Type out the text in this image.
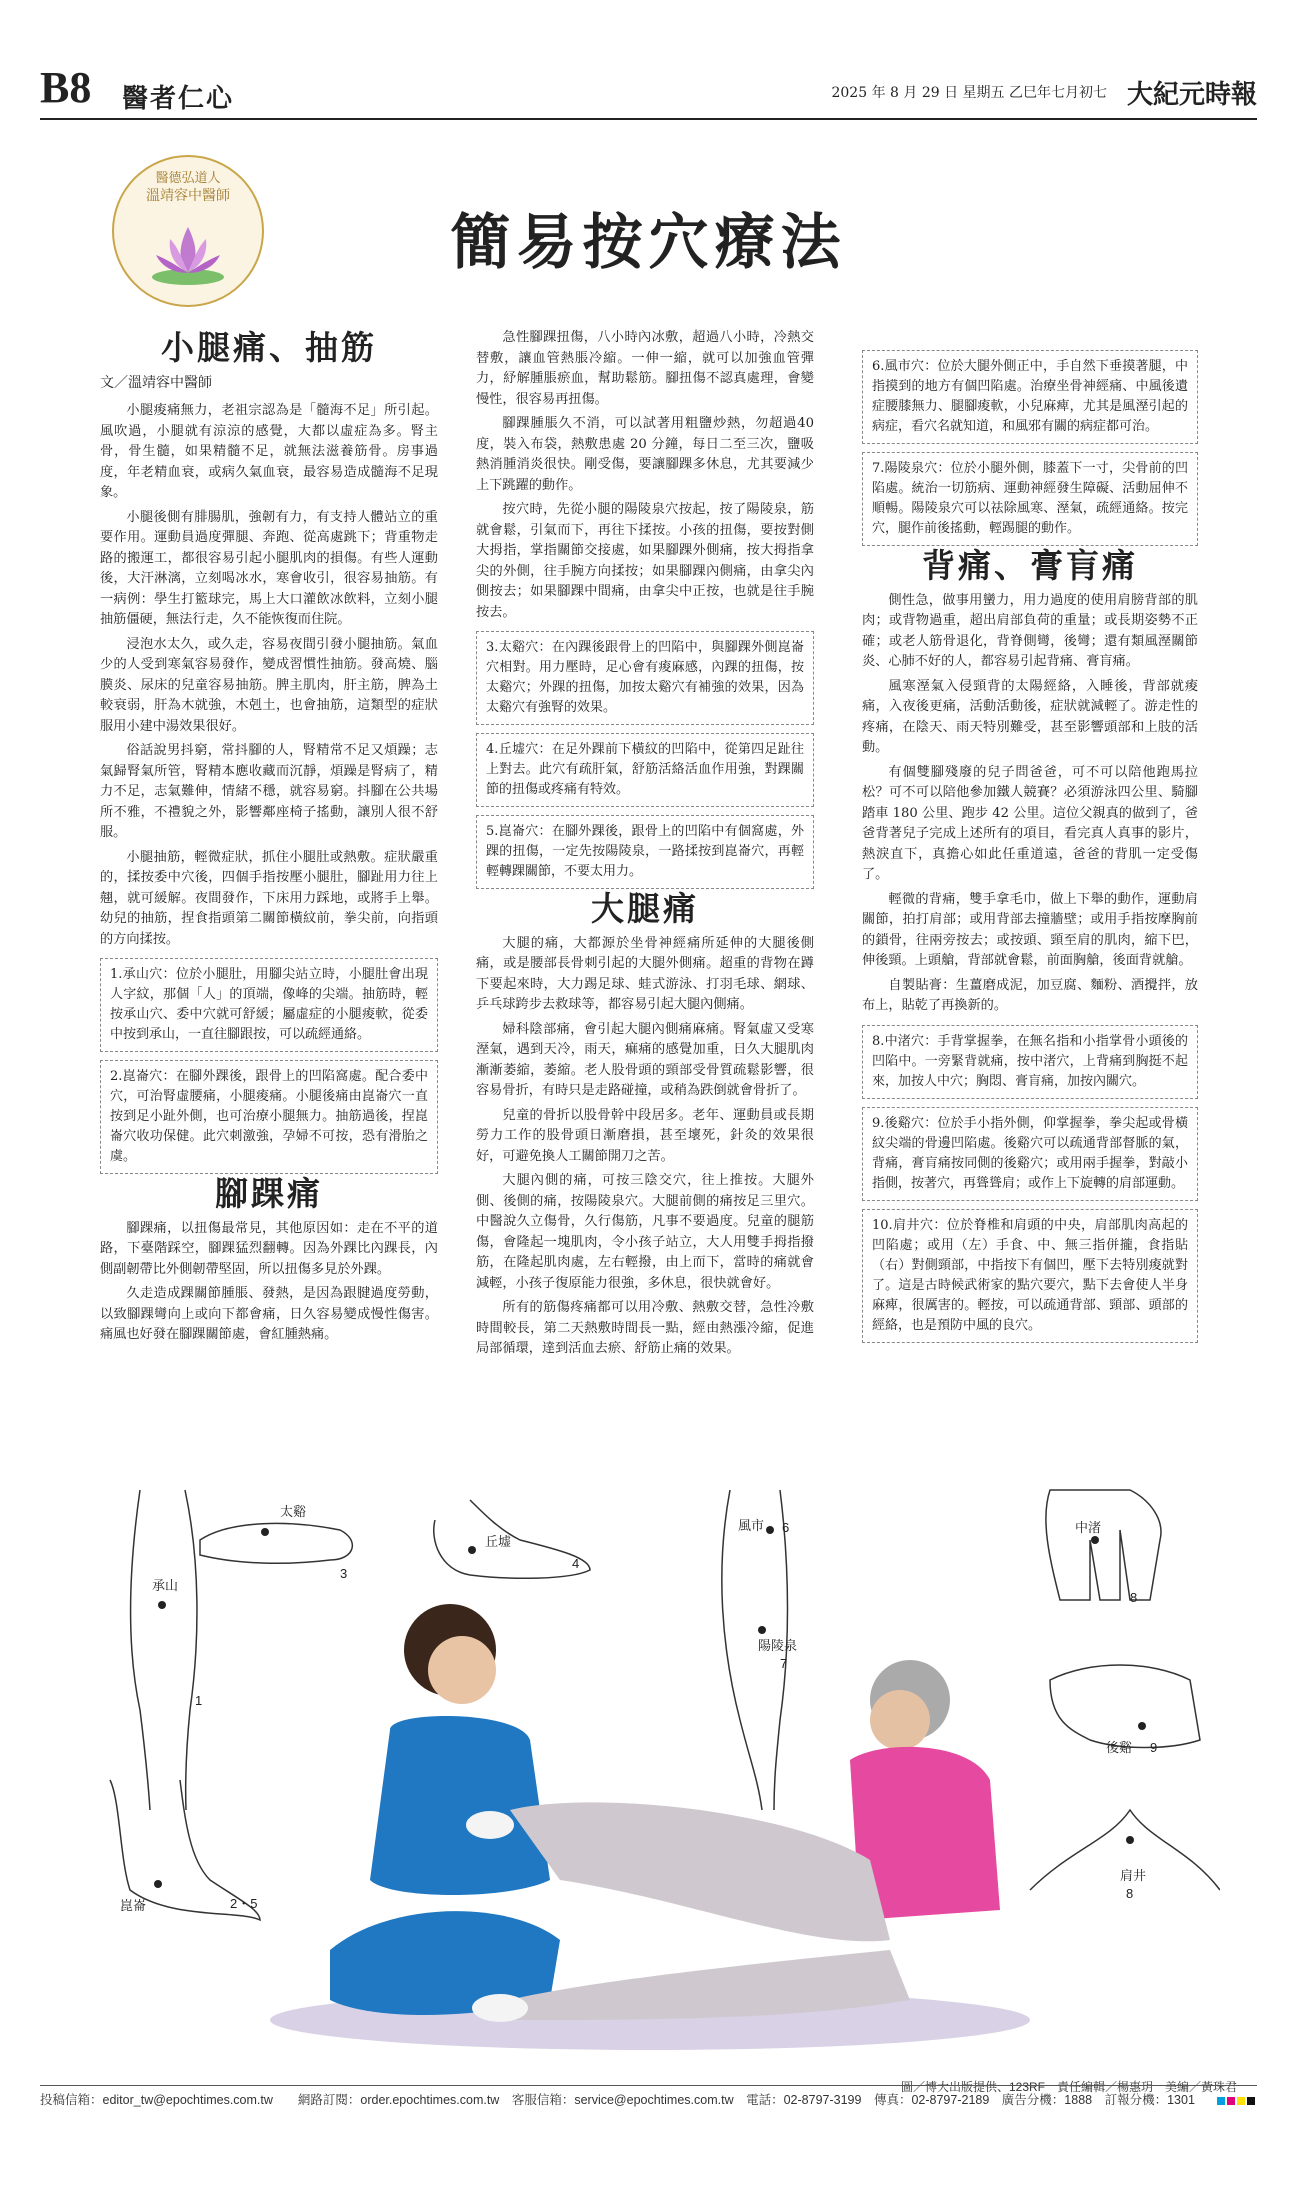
B8 醫者仁心	2025 年 8 月 29 日 星期五 乙巳年七月初七 大紀元時報
醫德弘道人
溫靖容中醫師
簡易按穴療法
小腿痛、抽筋
文／溫靖容中醫師

小腿痠痛無力，老祖宗認為是「髓海不足」所引起。風吹過，小腿就有涼涼的感覺，大都以虛症為多。腎主骨，骨生髓，如果精髓不足，就無法滋養筋骨。房事過度，年老精血衰，或病久氣血衰，最容易造成髓海不足現象。

小腿後側有腓腸肌，強韌有力，有支持人體站立的重要作用。運動員過度彈腿、奔跑、從高處跳下；背重物走路的搬運工，都很容易引起小腿肌肉的損傷。有些人運動後，大汗淋漓，立刻喝冰水，寒會收引，很容易抽筋。有一病例：學生打籃球完，馬上大口灌飲冰飲料，立刻小腿抽筋僵硬，無法行走，久不能恢復而住院。

浸泡水太久，或久走，容易夜間引發小腿抽筋。氣血少的人受到寒氣容易發作，變成習慣性抽筋。發高燒、腦膜炎、尿床的兒童容易抽筋。脾主肌肉，肝主筋，脾為土較衰弱，肝為木就強，木剋土，也會抽筋，這類型的症狀服用小建中湯效果很好。

俗話說男抖窮，常抖腳的人，腎精常不足又煩躁；志氣歸腎氣所管，腎精本應收藏而沉靜，煩躁是腎病了，精力不足，志氣難伸，情緒不穩，就容易窮。抖腳在公共場所不雅，不禮貌之外，影響鄰座椅子搖動，讓別人很不舒服。

小腿抽筋，輕微症狀，抓住小腿肚或熱敷。症狀嚴重的，揉按委中穴後，四個手指按壓小腿肚，腳趾用力往上翹，就可緩解。夜間發作，下床用力踩地，或將手上舉。幼兒的抽筋，捏食指頭第二關節橫紋前，拳尖前，向指頭的方向揉按。

1.承山穴：位於小腿肚，用腳尖站立時，小腿肚會出現人字紋，那個「人」的頂端，像峰的尖端。抽筋時，輕按承山穴、委中穴就可舒緩；屬虛症的小腿痠軟，從委中按到承山，一直往腳跟按，可以疏經通絡。
2.崑崙穴：在腳外踝後，跟骨上的凹陷窩處。配合委中穴，可治腎虛腰痛，小腿痠痛。小腿後痛由崑崙穴一直按到足小趾外側，也可治療小腿無力。抽筋過後，捏崑崙穴收功保健。此穴刺激強，孕婦不可按，恐有滑胎之虞。
腳踝痛

腳踝痛，以扭傷最常見，其他原因如：走在不平的道路，下臺階踩空，腳踝猛烈翻轉。因為外踝比內踝長，內側副韌帶比外側韌帶堅固，所以扭傷多見於外踝。

久走造成踝關節腫脹、發熱，是因為跟腱過度勞動，以致腳踝彎向上或向下都會痛，日久容易變成慢性傷害。痛風也好發在腳踝關節處，會紅腫熱痛。

急性腳踝扭傷，八小時內冰敷，超過八小時，冷熱交替敷，讓血管熱脹冷縮。一伸一縮，就可以加強血管彈力，紓解腫脹瘀血，幫助鬆筋。腳扭傷不認真處理，會變慢性，很容易再扭傷。

腳踝腫脹久不消，可以試著用粗鹽炒熱，勿超過40度，裝入布袋，熱敷患處 20 分鐘，每日二至三次，鹽吸熱消腫消炎很快。剛受傷，要讓腳踝多休息，尤其要減少上下跳躍的動作。

按穴時，先從小腿的陽陵泉穴按起，按了陽陵泉，筋就會鬆，引氣而下，再往下揉按。小孩的扭傷，要按對側大拇指，掌指關節交接處，如果腳踝外側痛，按大拇指拿尖的外側，往手腕方向揉按；如果腳踝內側痛，由拿尖內側按去；如果腳踝中間痛，由拿尖中正按，也就是往手腕按去。

3.太谿穴：在內踝後跟骨上的凹陷中，與腳踝外側崑崙穴相對。用力壓時，足心會有痠麻感，內踝的扭傷，按太谿穴；外踝的扭傷，加按太谿穴有補強的效果，因為太谿穴有強腎的效果。
4.丘墟穴：在足外踝前下橫紋的凹陷中，從第四足趾往上對去。此穴有疏肝氣，舒筋活絡活血作用強，對踝關節的扭傷或疼痛有特效。
5.崑崙穴：在腳外踝後，跟骨上的凹陷中有個窩處，外踝的扭傷，一定先按陽陵泉，一路揉按到崑崙穴，再輕輕轉踝關節，不要太用力。
大腿痛

大腿的痛，大都源於坐骨神經痛所延伸的大腿後側痛，或是腰部長骨刺引起的大腿外側痛。超重的背物在蹲下要起來時，大力踢足球、蛙式游泳、打羽毛球、網球、乒乓球跨步去救球等，都容易引起大腿內側痛。

婦科陰部痛，會引起大腿內側痛麻痛。腎氣虛又受寒溼氣，遇到天冷，雨天，痲痛的感覺加重，日久大腿肌肉漸漸萎縮，萎縮。老人股骨頭的頸部受骨質疏鬆影響，很容易骨折，有時只是走路碰撞，或稍為跌倒就會骨折了。

兒童的骨折以股骨幹中段居多。老年、運動員或長期勞力工作的股骨頭日漸磨損，甚至壞死，針灸的效果很好，可避免換人工關節開刀之苦。

大腿內側的痛，可按三陰交穴，往上推按。大腿外側、後側的痛，按陽陵泉穴。大腿前側的痛按足三里穴。中醫說久立傷骨，久行傷筋，凡事不要過度。兒童的腿筋傷，會隆起一塊肌肉，令小孩子站立，大人用雙手拇指撥筋，在隆起肌肉處，左右輕撥，由上而下，當時的痛就會減輕，小孩子復原能力很強，多休息，很快就會好。

所有的筋傷疼痛都可以用冷敷、熱敷交替，急性冷敷時間較長，第二天熱敷時間長一點，經由熱漲冷縮，促進局部循環，達到活血去瘀、舒筋止痛的效果。

6.風市穴：位於大腿外側正中，手自然下垂摸著腿，中指摸到的地方有個凹陷處。治療坐骨神經痛、中風後遺症腰膝無力、腿腳痠軟，小兒麻痺，尤其是風溼引起的病症，看穴名就知道，和風邪有關的病症都可治。
7.陽陵泉穴：位於小腿外側，膝蓋下一寸，尖骨前的凹陷處。統治一切筋病、運動神經發生障礙、活動屈伸不順暢。陽陵泉穴可以祛除風寒、溼氣，疏經通絡。按完穴，腿作前後搖動，輕踢腿的動作。
背痛、膏肓痛

側性急，做事用蠻力，用力過度的使用肩膀背部的肌肉；或背物過重，超出肩部負荷的重量；或長期姿勢不正確；或老人筋骨退化，背脊側彎，後彎；還有類風溼關節炎、心肺不好的人，都容易引起背痛、膏肓痛。

風寒溼氣入侵頸背的太陽經絡，入睡後，背部就痠痛，入夜後更痛，活動活動後，症狀就減輕了。游走性的疼痛，在陰天、雨天特別難受，甚至影響頭部和上肢的活動。

有個雙腳殘廢的兒子問爸爸，可不可以陪他跑馬拉松？可不可以陪他參加鐵人競賽？必須游泳四公里、騎腳踏車 180 公里、跑步 42 公里。這位父親真的做到了，爸爸背著兒子完成上述所有的項目，看完真人真事的影片，熱淚直下，真擔心如此任重道遠，爸爸的背肌一定受傷了。

輕微的背痛，雙手拿毛巾，做上下舉的動作，運動肩關節，拍打肩部；或用背部去撞牆壁；或用手指按摩胸前的鎖骨，往兩旁按去；或按頭、頸至肩的肌肉，縮下巴，伸後頸。上頭艙，背部就會鬆，前面胸艙，後面背就艙。

自製貼膏：生薑磨成泥，加豆腐、麵粉、酒攪拌，放布上，貼乾了再換新的。

8.中渚穴：手背掌握拳，在無名指和小指掌骨小頭後的凹陷中。一旁緊背就痛，按中渚穴，上背痛到胸挺不起來，加按人中穴；胸悶、膏肓痛，加按內關穴。
9.後谿穴：位於手小指外側，仰掌握拳，拳尖起或骨橫紋尖端的骨邊凹陷處。後谿穴可以疏通背部督脈的氣，背痛，膏肓痛按同側的後谿穴；或用兩手握拳，對敲小指側，按著穴，再聳聳肩；或作上下旋轉的肩部運動。
10.肩井穴：位於脊椎和肩頭的中央，肩部肌肉高起的凹陷處；或用（左）手食、中、無三指併攏，食指貼（右）對側頸部，中指按下有個凹，壓下去特別痠就對了。這是古時候武術家的點穴要穴，點下去會使人半身麻痺，很厲害的。輕按，可以疏通背部、頸部、頭部的經絡，也是預防中風的良穴。
承山
1
崑崙	2・5
太谿
3
丘墟
4
風市 6
陽陵泉
7
中渚
8
後谿 9
肩井
8
圖／博大出版提供、123RF　責任編輯／楊惠玥　美編／黃珠君
投稿信箱：editor_tw@epochtimes.com.tw　　網路訂閱：order.epochtimes.com.tw　客服信箱：service@epochtimes.com.tw　電話：02-8797-3199　傳真：02-8797-2189　廣告分機：1888　訂報分機：1301
